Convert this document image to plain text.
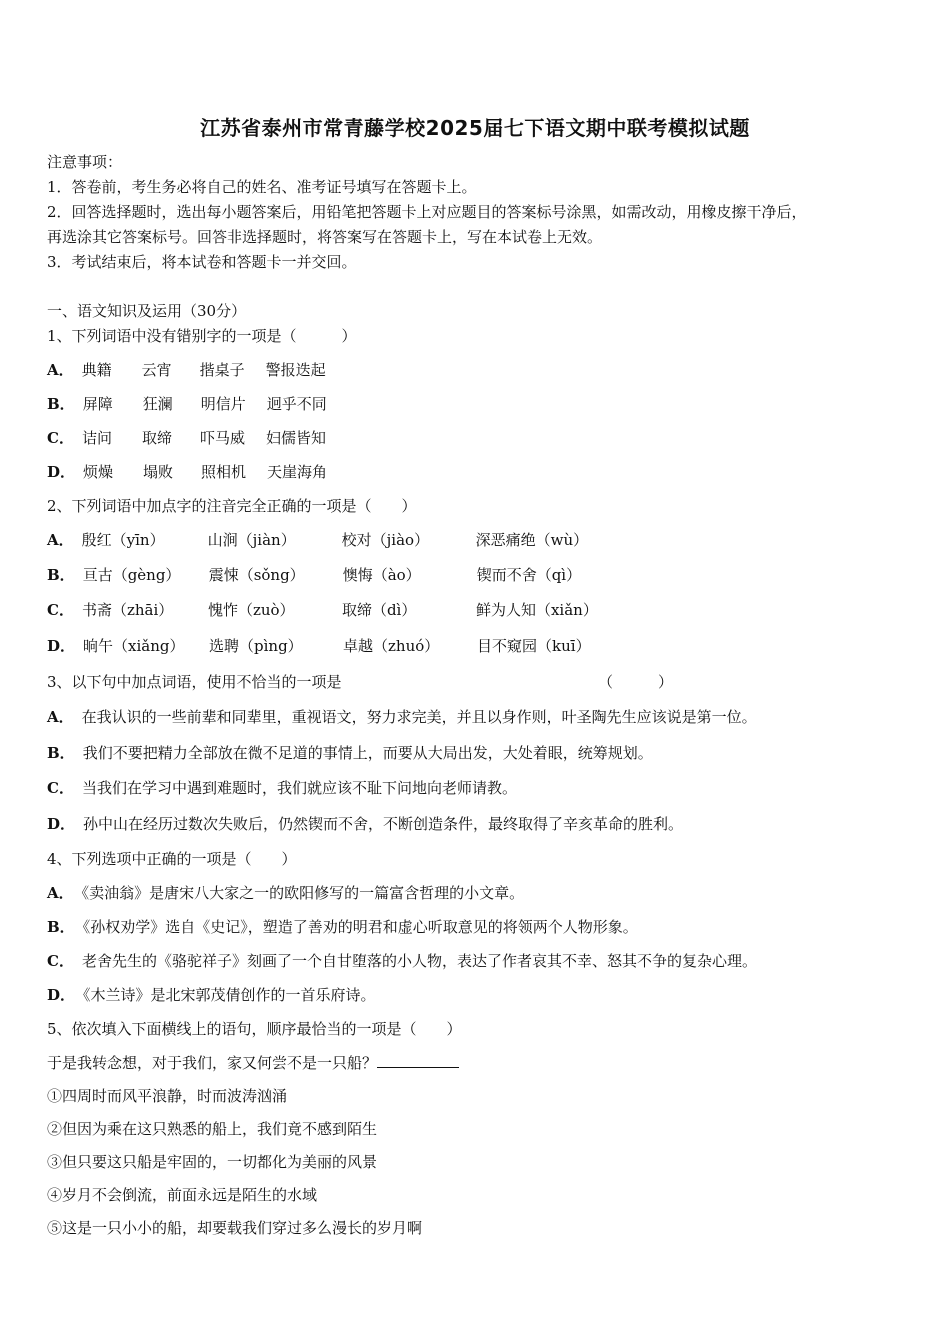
江苏省泰州市常青藤学校2025届七下语文期中联考模拟试题
注意事项：
1．答卷前，考生务必将自己的姓名、准考证号填写在答题卡上。
2．回答选择题时，选出每小题答案后，用铅笔把答题卡上对应题目的答案标号涂黑，如需改动，用橡皮擦干净后，
再选涂其它答案标号。回答非选择题时，将答案写在答题卡上，写在本试卷上无效。
3．考试结束后，将本试卷和答题卡一并交回。
一、语文知识及运用（30分）
1、下列词语中没有错别字的一项是（　　　）
A． 典籍 云宵 揩桌子 警报迭起
B． 屏障 狂澜 明信片 迥乎不同
C． 诘问 取缔 吓马威 妇儒皆知
D． 烦燥 塌败 照相机 天崖海角
2、下列词语中加点字的注音完全正确的一项是（　　）
A． 殷红（yīn）	山涧（jiàn）	校对（jiào）	深恶痛绝（wù）
B． 亘古（gèng） 震悚（sǒng）	懊悔（ào）	锲而不舍（qì）
C． 书斋（zhāi） 愧怍（zuò）	取缔（dì）	鲜为人知（xiǎn）
D． 晌午（xiǎng） 选聘（pìng）	卓越（zhuó）	目不窥园（kuī）
3、以下句中加点词语，使用不恰当的一项是	（　　　）
A． 在我认识的一些前辈和同辈里，重视语文，努力求完美，并且以身作则，叶圣陶先生应该说是第一位。
B． 我们不要把精力全部放在微不足道的事情上，而要从大局出发，大处着眼，统筹规划。
C． 当我们在学习中遇到难题时，我们就应该不耻下问地向老师请教。
D． 孙中山在经历过数次失败后，仍然锲而不舍，不断创造条件，最终取得了辛亥革命的胜利。
4、下列选项中正确的一项是（　　）
A． 《卖油翁》是唐宋八大家之一的欧阳修写的一篇富含哲理的小文章。
B． 《孙权劝学》选自《史记》，塑造了善劝的明君和虚心听取意见的将领两个人物形象。
C． 老舍先生的《骆驼祥子》刻画了一个自甘堕落的小人物，表达了作者哀其不幸、怒其不争的复杂心理。
D． 《木兰诗》是北宋郭茂倩创作的一首乐府诗。
5、依次填入下面横线上的语句，顺序最恰当的一项是（　　）
于是我转念想，对于我们，家又何尝不是一只船？
①四周时而风平浪静，时而波涛汹涌
②但因为乘在这只熟悉的船上，我们竟不感到陌生
③但只要这只船是牢固的，一切都化为美丽的风景
④岁月不会倒流，前面永远是陌生的水域
⑤这是一只小小的船，却要载我们穿过多么漫长的岁月啊
